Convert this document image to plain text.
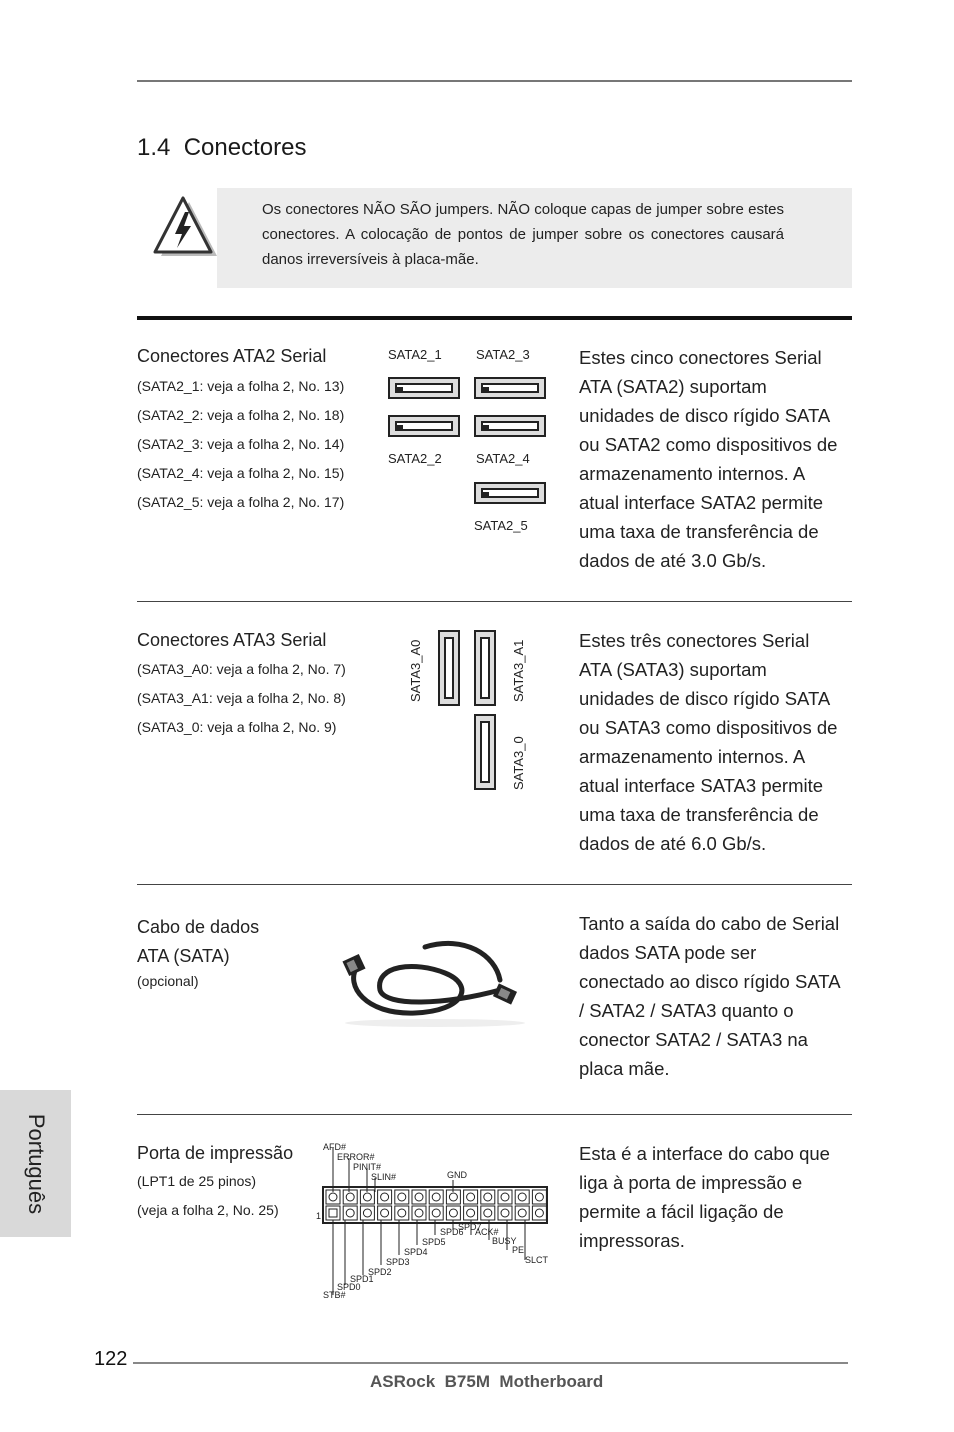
1.4 Conectores
Os conectores NÃO SÃO jumpers. NÃO coloque capas de jumper sobre estes conectores. A colocação de pontos de jumper sobre os conectores causará danos irreversíveis à placa-mãe.
Conectores ATA2 Serial
(SATA2_1: veja a folha 2, No. 13)
(SATA2_2: veja a folha 2, No. 18)
(SATA2_3: veja a folha 2, No. 14)
(SATA2_4: veja a folha 2, No. 15)
(SATA2_5: veja a folha 2, No. 17)
SATA2_1	SATA2_3
SATA2_2	SATA2_4
SATA2_5
Estes cinco conectores Serial
ATA (SATA2) suportam
unidades de disco rígido SATA
ou SATA2 como dispositivos de
armazenamento internos. A
atual interface SATA2 permite
uma taxa de transferência de
dados de até 3.0 Gb/s.
Conectores ATA3 Serial
(SATA3_A0: veja a folha 2, No. 7)
(SATA3_A1: veja a folha 2, No. 8)
(SATA3_0: veja a folha 2, No. 9)
SATA3_A0	SATA3_A1
SATA3_0
Estes três conectores Serial
ATA (SATA3) suportam
unidades de disco rígido SATA
ou SATA3 como dispositivos de
armazenamento internos. A
atual interface SATA3 permite
uma taxa de transferência de
dados de até 6.0 Gb/s.
Cabo de dados
ATA (SATA)
(opcional)
Tanto a saída do cabo de Serial
dados SATA pode ser
conectado ao disco rígido SATA
/ SATA2 / SATA3 quanto o
conector SATA2 / SATA3 na
placa mãe.
Porta de impressão
(LPT1 de 25 pinos)
(veja a folha 2, No. 25)
AFD#
ERROR#
PINIT#
SLIN#	GND
1
SPD7
SPD6 ACK#
SPD5	BUSY
SPD4	PE
SPD3	SLCT
SPD2
SPD1
SPD0
STB#
Esta é a interface do cabo que
liga à porta de impressão e
permite a fácil ligação de
impressoras.
Português
122
ASRock  B75M  Motherboard
